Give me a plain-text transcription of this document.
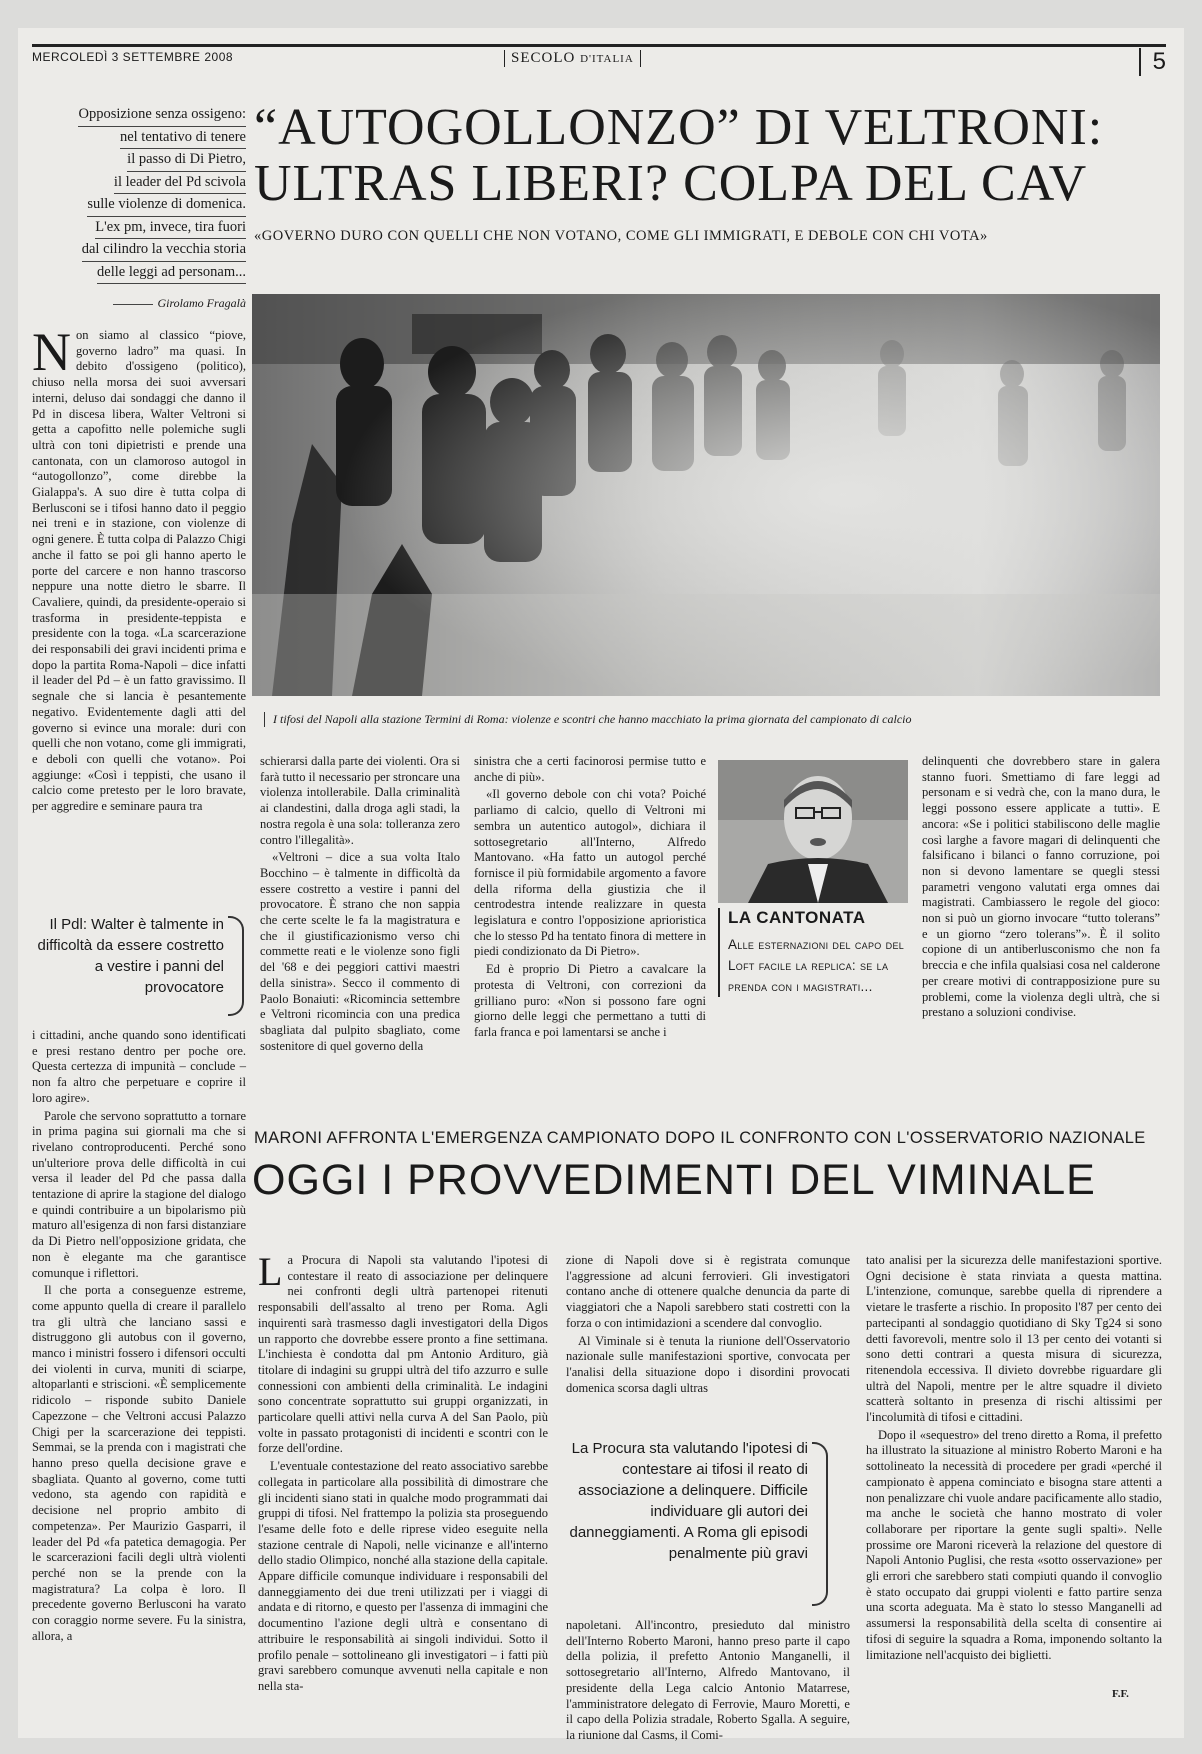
MERCOLEDÌ 3 SETTEMBRE 2008	SECOLO D'ITALIA	5
Opposizione senza ossigeno:
nel tentativo di tenere
il passo di Di Pietro,
il leader del Pd scivola
sulle violenze di domenica.
L'ex pm, invece, tira fuori
dal cilindro la vecchia storia
delle leggi ad personam...
Girolamo Fragalà
“AUTOGOLLONZO” DI VELTRONI:
ULTRAS LIBERI? COLPA DEL CAV
«GOVERNO DURO CON QUELLI CHE NON VOTANO, COME GLI IMMIGRATI, E DEBOLE CON CHI VOTA»
I tifosi del Napoli alla stazione Termini di Roma: violenze e scontri che hanno macchiato la prima giornata del campionato di calcio

Non siamo al classico “piove, governo ladro” ma quasi. In debito d'ossigeno (politico), chiuso nella morsa dei suoi avversari interni, deluso dai sondaggi che danno il Pd in discesa libera, Walter Veltroni si getta a capofitto nelle polemiche sugli ultrà con toni dipietristi e prende una cantonata, con un clamoroso autogol in “autogollonzo”, come direbbe la Gialappa's. A suo dire è tutta colpa di Berlusconi se i tifosi hanno dato il peggio nei treni e in stazione, con violenze di ogni genere. È tutta colpa di Palazzo Chigi anche il fatto se poi gli hanno aperto le porte del carcere e non hanno trascorso neppure una notte dietro le sbarre. Il Cavaliere, quindi, da presidente-operaio si trasforma in presidente-teppista e presidente con la toga. «La scarcerazione dei responsabili dei gravi incidenti prima e dopo la partita Roma-Napoli – dice infatti il leader del Pd – è un fatto gravissimo. Il segnale che si lancia è pesantemente negativo. Evidentemente dagli atti del governo si evince una morale: duri con quelli che non votano, come gli immigrati, e deboli con quelli che votano». Poi aggiunge: «Così i teppisti, che usano il calcio come pretesto per le loro bravate, per aggredire e seminare paura tra

Il Pdl: Walter è talmente in difficoltà da essere costretto a vestire i panni del provocatore

i cittadini, anche quando sono identificati e presi restano dentro per poche ore. Questa certezza di impunità – conclude – non fa altro che perpetuare e coprire il loro agire».

Parole che servono soprattutto a tornare in prima pagina sui giornali ma che si rivelano controproducenti. Perché sono un'ulteriore prova delle difficoltà in cui versa il leader del Pd che passa dalla tentazione di aprire la stagione del dialogo e quindi contribuire a un bipolarismo più maturo all'esigenza di non farsi distanziare da Di Pietro nell'opposizione gridata, che non è elegante ma che garantisce comunque i riflettori.

Il che porta a conseguenze estreme, come appunto quella di creare il parallelo tra gli ultrà che lanciano sassi e distruggono gli autobus con il governo, manco i ministri fossero i difensori occulti dei violenti in curva, muniti di sciarpe, altoparlanti e striscioni. «È semplicemente ridicolo – risponde subito Daniele Capezzone – che Veltroni accusi Palazzo Chigi per la scarcerazione dei teppisti. Semmai, se la prenda con i magistrati che hanno preso quella decisione grave e sbagliata. Quanto al governo, come tutti vedono, sta agendo con rapidità e decisione nel proprio ambito di competenza». Per Maurizio Gasparri, il leader del Pd «fa patetica demagogia. Per le scarcerazioni facili degli ultrà violenti perché non se la prende con la magistratura? La colpa è loro. Il precedente governo Berlusconi ha varato con coraggio norme severe. Fu la sinistra, allora, a

schierarsi dalla parte dei violenti. Ora si farà tutto il necessario per stroncare una violenza intollerabile. Dalla criminalità ai clandestini, dalla droga agli stadi, la nostra regola è una sola: tolleranza zero contro l'illegalità».

«Veltroni – dice a sua volta Italo Bocchino – è talmente in difficoltà da essere costretto a vestire i panni del provocatore. È strano che non sappia che certe scelte le fa la magistratura e che il giustificazionismo verso chi commette reati e le violenze sono figli del '68 e dei peggiori cattivi maestri della sinistra». Secco il commento di Paolo Bonaiuti: «Ricomincia settembre e Veltroni ricomincia con una predica sbagliata dal pulpito sbagliato, come sostenitore di quel governo della

sinistra che a certi facinorosi permise tutto e anche di più».

«Il governo debole con chi vota? Poiché parliamo di calcio, quello di Veltroni mi sembra un autentico autogol», dichiara il sottosegretario all'Interno, Alfredo Mantovano. «Ha fatto un autogol perché fornisce il più formidabile argomento a favore della riforma della giustizia che il centrodestra intende realizzare in questa legislatura e contro l'opposizione aprioristica che lo stesso Pd ha tentato finora di mettere in piedi condizionato da Di Pietro».

Ed è proprio Di Pietro a cavalcare la protesta di Veltroni, con correzioni da grilliano puro: «Non si possono fare ogni giorno delle leggi che permettano a tutti di farla franca e poi lamentarsi se anche i

LA CANTONATA

Alle esternazioni del capo del Loft facile la replica: se la prenda con i magistrati...

delinquenti che dovrebbero stare in galera stanno fuori. Smettiamo di fare leggi ad personam e si vedrà che, con la mano dura, le leggi possono essere applicate a tutti». E ancora: «Se i politici stabiliscono delle maglie così larghe a favore magari di delinquenti che falsificano i bilanci o fanno corruzione, poi non si devono lamentare se quegli stessi parametri vengono valutati erga omnes dai magistrati. Cambiassero le regole del gioco: non si può un giorno invocare “tutto tolerans” e un giorno “zero tolerans”». È il solito copione di un antiberlusconismo che non fa breccia e che infila qualsiasi cosa nel calderone per creare motivi di contrapposizione pure su problemi, come la violenza degli ultrà, che si prestano a soluzioni condivise.

MARONI AFFRONTA L'EMERGENZA CAMPIONATO DOPO IL CONFRONTO CON L'OSSERVATORIO NAZIONALE
OGGI I PROVVEDIMENTI DEL VIMINALE

La Procura di Napoli sta valutando l'ipotesi di contestare il reato di associazione per delinquere nei confronti degli ultrà partenopei ritenuti responsabili dell'assalto al treno per Roma. Agli inquirenti sarà trasmesso dagli investigatori della Digos un rapporto che dovrebbe essere pronto a fine settimana. L'inchiesta è condotta dal pm Antonio Ardituro, già titolare di indagini su gruppi ultrà del tifo azzurro e sulle connessioni con ambienti della criminalità. Le indagini sono concentrate soprattutto sui gruppi organizzati, in particolare quelli attivi nella curva A del San Paolo, più volte in passato protagonisti di incidenti e scontri con le forze dell'ordine.

L'eventuale contestazione del reato associativo sarebbe collegata in particolare alla possibilità di dimostrare che gli incidenti siano stati in qualche modo programmati dai gruppi di tifosi. Nel frattempo la polizia sta proseguendo l'esame delle foto e delle riprese video eseguite nella stazione centrale di Napoli, nelle vicinanze e all'interno dello stadio Olimpico, nonché alla stazione della capitale. Appare difficile comunque individuare i responsabili del danneggiamento dei due treni utilizzati per i viaggi di andata e di ritorno, e questo per l'assenza di immagini che documentino l'azione degli ultrà e consentano di attribuire le responsabilità ai singoli individui. Sotto il profilo penale – sottolineano gli investigatori – i fatti più gravi sarebbero comunque avvenuti nella capitale e non nella sta-

zione di Napoli dove si è registrata comunque l'aggressione ad alcuni ferrovieri. Gli investigatori contano anche di ottenere qualche denuncia da parte di viaggiatori che a Napoli sarebbero stati costretti con la forza o con intimidazioni a scendere dal convoglio.

Al Viminale si è tenuta la riunione dell'Osservatorio nazionale sulle manifestazioni sportive, convocata per l'analisi della situazione dopo i disordini provocati domenica scorsa dagli ultras

La Procura sta valutando l'ipotesi di contestare ai tifosi il reato di associazione a delinquere. Difficile individuare gli autori dei danneggiamenti. A Roma gli episodi penalmente più gravi

napoletani. All'incontro, presieduto dal ministro dell'Interno Roberto Maroni, hanno preso parte il capo della polizia, il prefetto Antonio Manganelli, il sottosegretario all'Interno, Alfredo Mantovano, il presidente della Lega calcio Antonio Matarrese, l'amministratore delegato di Ferrovie, Mauro Moretti, e il capo della Polizia stradale, Roberto Sgalla. A seguire, la riunione dal Casms, il Comi-

tato analisi per la sicurezza delle manifestazioni sportive. Ogni decisione è stata rinviata a questa mattina. L'intenzione, comunque, sarebbe quella di riprendere a vietare le trasferte a rischio. In proposito l'87 per cento dei partecipanti al sondaggio quotidiano di Sky Tg24 si sono detti favorevoli, mentre solo il 13 per cento dei votanti si sono detti contrari a questa misura di sicurezza, ritenendola eccessiva. Il divieto dovrebbe riguardare gli ultrà del Napoli, mentre per le altre squadre il divieto scatterà soltanto in presenza di rischi altissimi per l'incolumità di tifosi e cittadini.

Dopo il «sequestro» del treno diretto a Roma, il prefetto ha illustrato la situazione al ministro Roberto Maroni e ha sottolineato la necessità di procedere per gradi «perché il campionato è appena cominciato e bisogna stare attenti a non penalizzare chi vuole andare pacificamente allo stadio, ma anche le società che hanno mostrato di voler collaborare per riportare la gente sugli spalti». Nelle prossime ore Maroni riceverà la relazione del questore di Napoli Antonio Puglisi, che resta «sotto osservazione» per gli errori che sarebbero stati compiuti quando il convoglio è stato occupato dai gruppi violenti e fatto partire senza una scorta adeguata. Ma è stato lo stesso Manganelli ad assumersi la responsabilità della scelta di consentire ai tifosi di seguire la squadra a Roma, imponendo soltanto la limitazione nell'acquisto dei biglietti.

F.F.
